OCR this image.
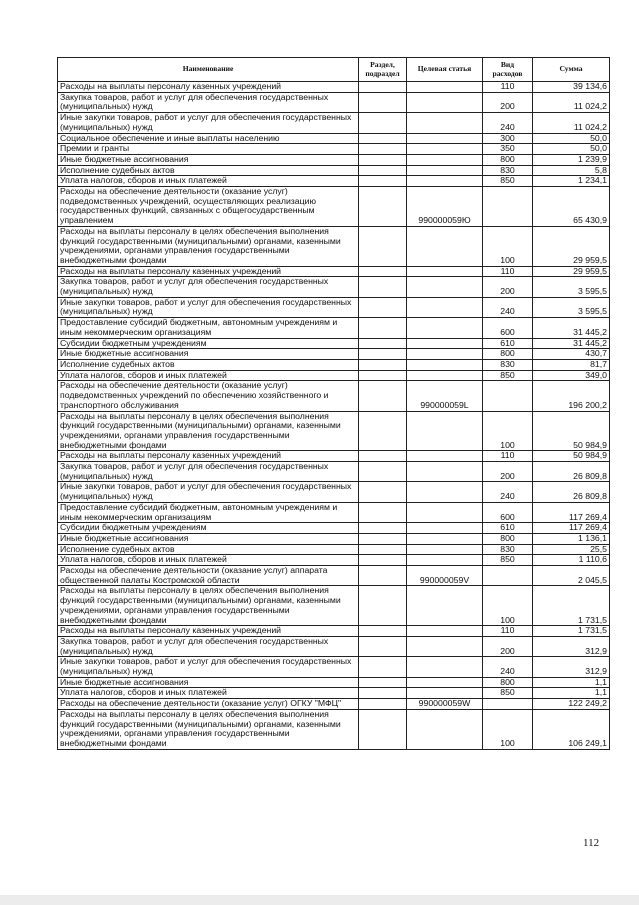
Наименование	Раздел, подраздел	Целевая статья	Вид расходов	Сумма
Расходы на выплаты персоналу казенных учреждений			110	39 134,6
Закупка товаров, работ и услуг для обеспечения государственных (муниципальных) нужд			200	11 024,2
Иные закупки товаров, работ и услуг для обеспечения государственных (муниципальных) нужд			240	11 024,2
Социальное обеспечение и иные выплаты населению			300	50,0
Премии и гранты			350	50,0
Иные бюджетные ассигнования			800	1 239,9
Исполнение судебных актов			830	5,8
Уплата налогов, сборов и иных платежей			850	1 234,1
Расходы на обеспечение деятельности (оказание услуг) подведомственных учреждений, осуществляющих реализацию государственных функций, связанных с общегосударственным управлением		990000059Ю		65 430,9
Расходы на выплаты персоналу в целях обеспечения выполнения функций государственными (муниципальными) органами, казенными учреждениями, органами управления государственными внебюджетными фондами			100	29 959,5
Расходы на выплаты персоналу казенных учреждений			110	29 959,5
Закупка товаров, работ и услуг для обеспечения государственных (муниципальных) нужд			200	3 595,5
Иные закупки товаров, работ и услуг для обеспечения государственных (муниципальных) нужд			240	3 595,5
Предоставление субсидий бюджетным, автономным учреждениям и иным некоммерческим организациям			600	31 445,2
Субсидии бюджетным учреждениям			610	31 445,2
Иные бюджетные ассигнования			800	430,7
Исполнение судебных актов			830	81,7
Уплата налогов, сборов и иных платежей			850	349,0
Расходы на обеспечение деятельности (оказание услуг) подведомственных учреждений по обеспечению хозяйственного и транспортного обслуживания		990000059L		196 200,2
Расходы на выплаты персоналу в целях обеспечения выполнения функций государственными (муниципальными) органами, казенными учреждениями, органами управления государственными внебюджетными фондами			100	50 984,9
Расходы на выплаты персоналу казенных учреждений			110	50 984,9
Закупка товаров, работ и услуг для обеспечения государственных (муниципальных) нужд			200	26 809,8
Иные закупки товаров, работ и услуг для обеспечения государственных (муниципальных) нужд			240	26 809,8
Предоставление субсидий бюджетным, автономным учреждениям и иным некоммерческим организациям			600	117 269,4
Субсидии бюджетным учреждениям			610	117 269,4
Иные бюджетные ассигнования			800	1 136,1
Исполнение судебных актов			830	25,5
Уплата налогов, сборов и иных платежей			850	1 110,6
Расходы на обеспечение деятельности (оказание услуг) аппарата общественной палаты Костромской области		990000059V		2 045,5
Расходы на выплаты персоналу в целях обеспечения выполнения функций государственными (муниципальными) органами, казенными учреждениями, органами управления государственными внебюджетными фондами			100	1 731,5
Расходы на выплаты персоналу казенных учреждений			110	1 731,5
Закупка товаров, работ и услуг для обеспечения государственных (муниципальных) нужд			200	312,9
Иные закупки товаров, работ и услуг для обеспечения государственных (муниципальных) нужд			240	312,9
Иные бюджетные ассигнования			800	1,1
Уплата налогов, сборов и иных платежей			850	1,1
Расходы на обеспечение деятельности (оказание услуг) ОГКУ "МФЦ"		990000059W		122 249,2
Расходы на выплаты персоналу в целях обеспечения выполнения функций государственными (муниципальными) органами, казенными учреждениями, органами управления государственными внебюджетными фондами			100	106 249,1
112
